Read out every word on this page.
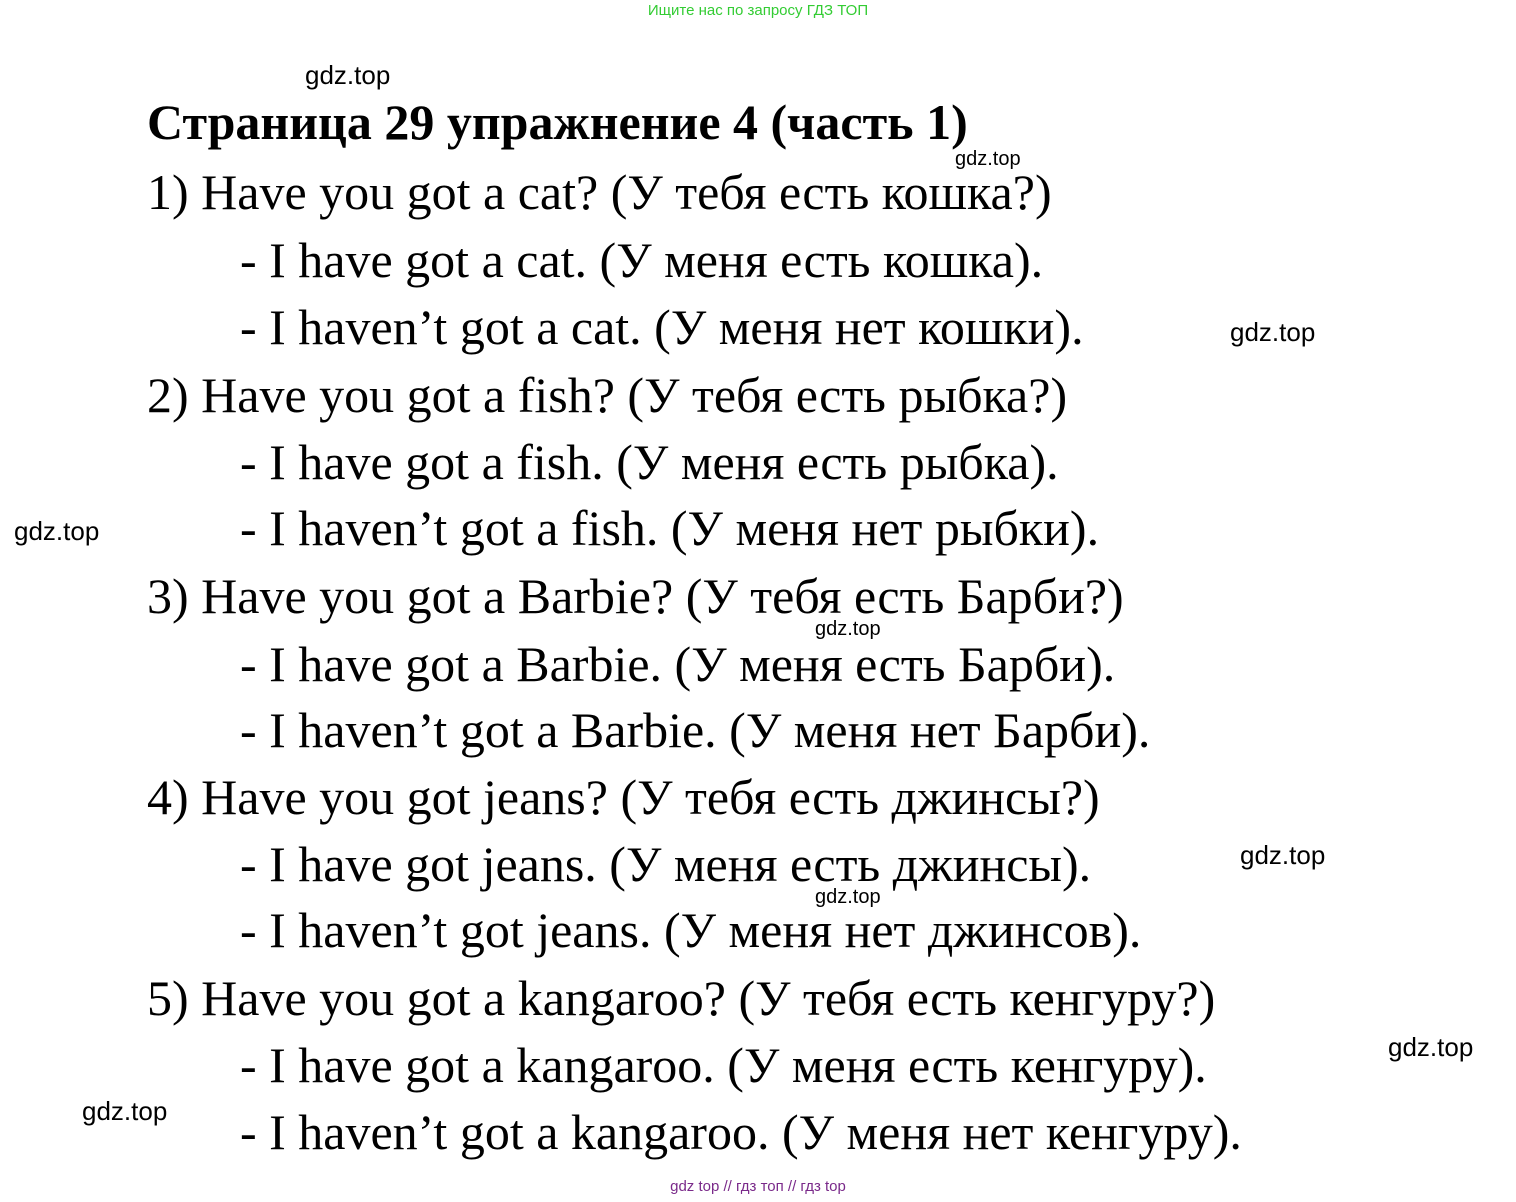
Ищите нас по запросу ГДЗ ТОП
gdz.top
Страница 29 упражнение 4 (часть 1)
gdz.top
1) Have you got a cat? (У тебя есть кошка?)
- I have got a cat. (У меня есть кошка).
- I haven’t got a cat. (У меня нет кошки).	gdz.top
2) Have you got a fish? (У тебя есть рыбка?)
- I have got a fish. (У меня есть рыбка).
- I haven’t got a fish. (У меня нет рыбки).
gdz.top
3) Have you got a Barbie? (У тебя есть Барби?)
gdz.top
- I have got a Barbie. (У меня есть Барби).
- I haven’t got a Barbie. (У меня нет Барби).
4) Have you got jeans? (У тебя есть джинсы?)
- I have got jeans. (У меня есть джинсы).	gdz.top
gdz.top
- I haven’t got jeans. (У меня нет джинсов).
5) Have you got a kangaroo? (У тебя есть кенгуру?)
gdz.top
- I have got a kangaroo. (У меня есть кенгуру).
gdz.top - I haven’t got a kangaroo. (У меня нет кенгуру).
gdz top // гдз топ // гдз top
